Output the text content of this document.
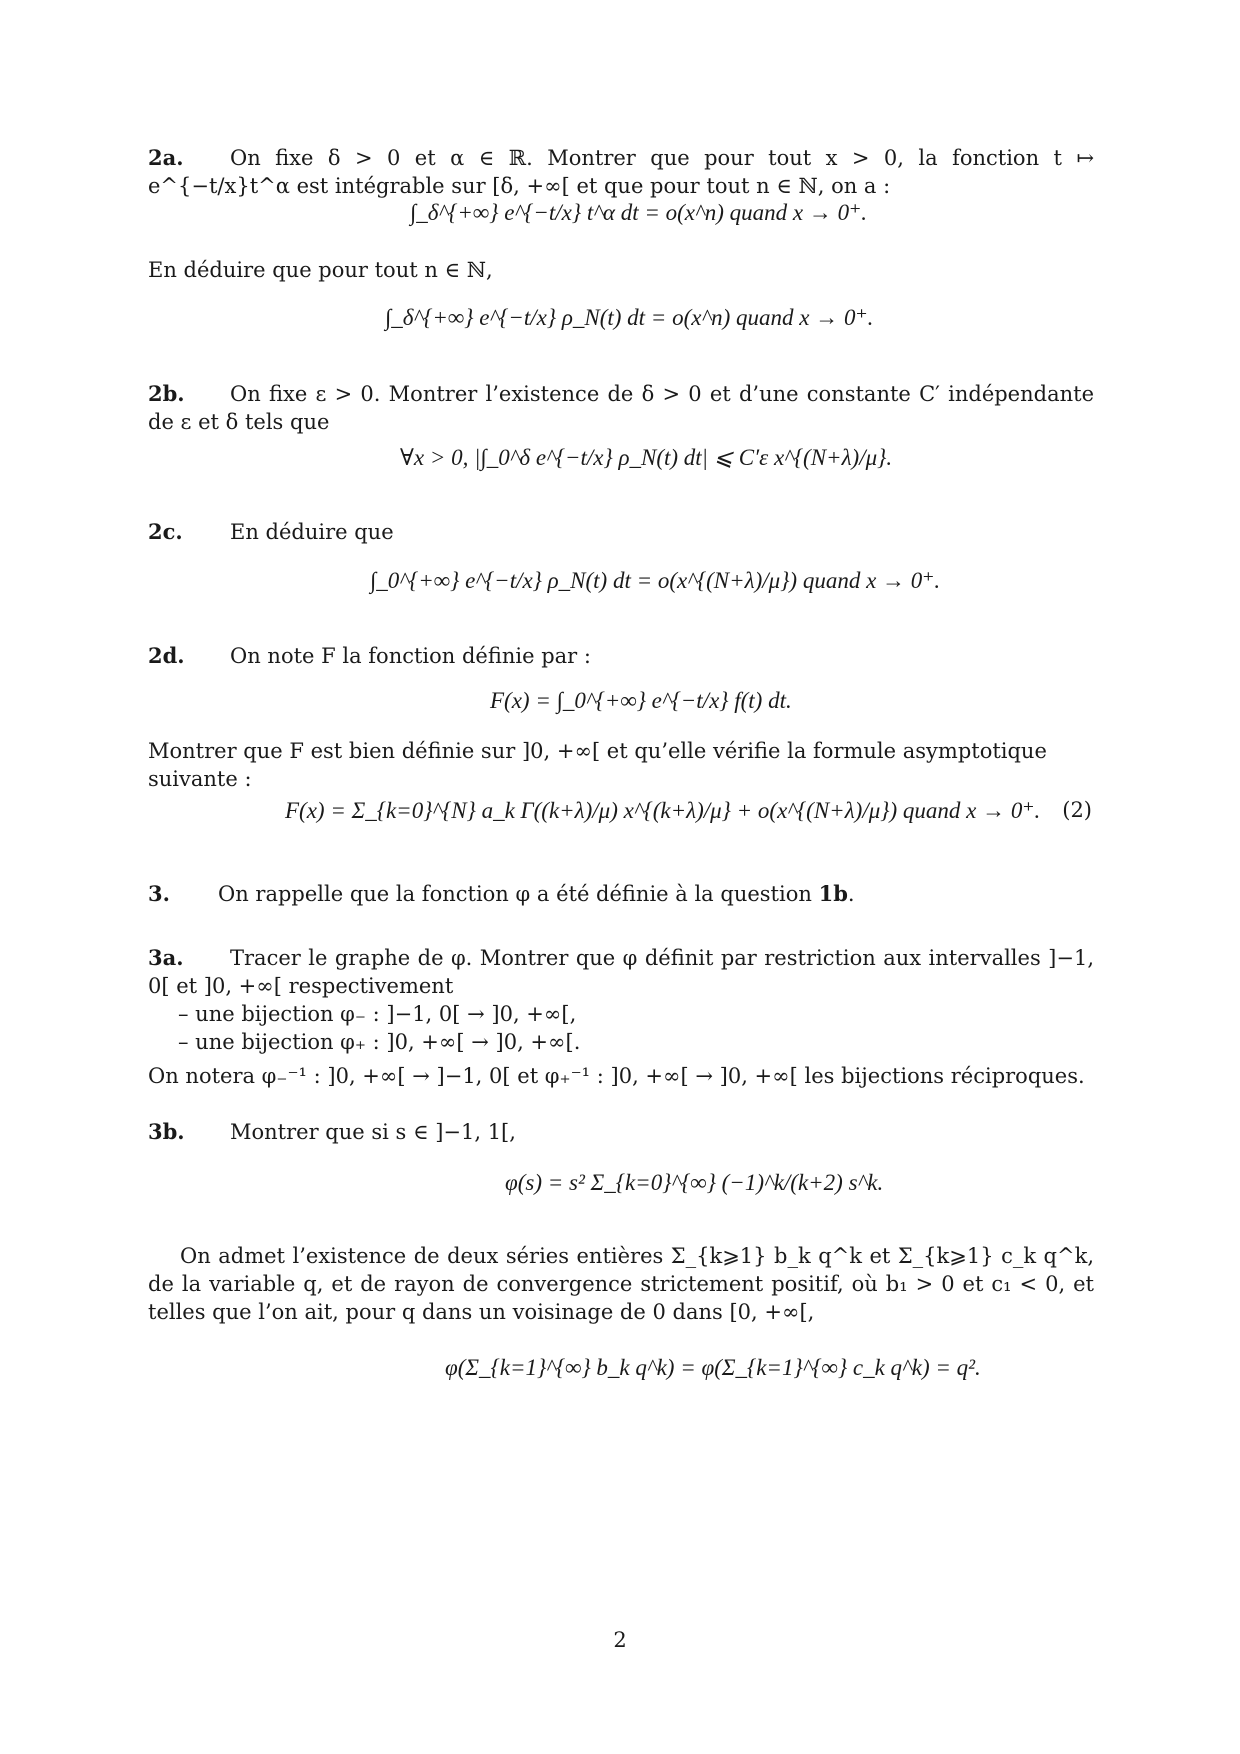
2a.	On fixe δ > 0 et α ∈ ℝ. Montrer que pour tout x > 0, la fonction t ↦ e^{−t/x}t^α est intégrable sur [δ, +∞[ et que pour tout n ∈ ℕ, on a :
∫_δ^{+∞} e^{−t/x} t^α dt = o(x^n) quand x → 0⁺.
En déduire que pour tout n ∈ ℕ,
∫_δ^{+∞} e^{−t/x} ρ_N(t) dt = o(x^n) quand x → 0⁺.
2b.	On fixe ε > 0. Montrer l’existence de δ > 0 et d’une constante C′ indépendante de ε et δ tels que
∀x > 0, |∫_0^δ e^{−t/x} ρ_N(t) dt| ⩽ C′ε x^{(N+λ)/μ}.
2c.	En déduire que
∫_0^{+∞} e^{−t/x} ρ_N(t) dt = o(x^{(N+λ)/μ}) quand x → 0⁺.
2d.	On note F la fonction définie par :
F(x) = ∫_0^{+∞} e^{−t/x} f(t) dt.
Montrer que F est bien définie sur ]0, +∞[ et qu’elle vérifie la formule asymptotique suivante :
F(x) = Σ_{k=0}^{N} a_k Γ((k+λ)/μ) x^{(k+λ)/μ} + o(x^{(N+λ)/μ}) quand x → 0⁺. (2)
3.	On rappelle que la fonction φ a été définie à la question 1b.
3a.	Tracer le graphe de φ. Montrer que φ définit par restriction aux intervalles ]−1, 0[ et ]0, +∞[ respectivement
– une bijection φ₋ : ]−1, 0[ → ]0, +∞[,
– une bijection φ₊ : ]0, +∞[ → ]0, +∞[.
On notera φ₋⁻¹ : ]0, +∞[ → ]−1, 0[ et φ₊⁻¹ : ]0, +∞[ → ]0, +∞[ les bijections réciproques.
3b.	Montrer que si s ∈ ]−1, 1[,
φ(s) = s² Σ_{k=0}^{∞} (−1)^k/(k+2) s^k.
On admet l’existence de deux séries entières Σ_{k⩾1} b_k q^k et Σ_{k⩾1} c_k q^k, de la variable q, et de rayon de convergence strictement positif, où b₁ > 0 et c₁ < 0, et telles que l’on ait, pour q dans un voisinage de 0 dans [0, +∞[,
φ(Σ_{k=1}^{∞} b_k q^k) = φ(Σ_{k=1}^{∞} c_k q^k) = q².
2
